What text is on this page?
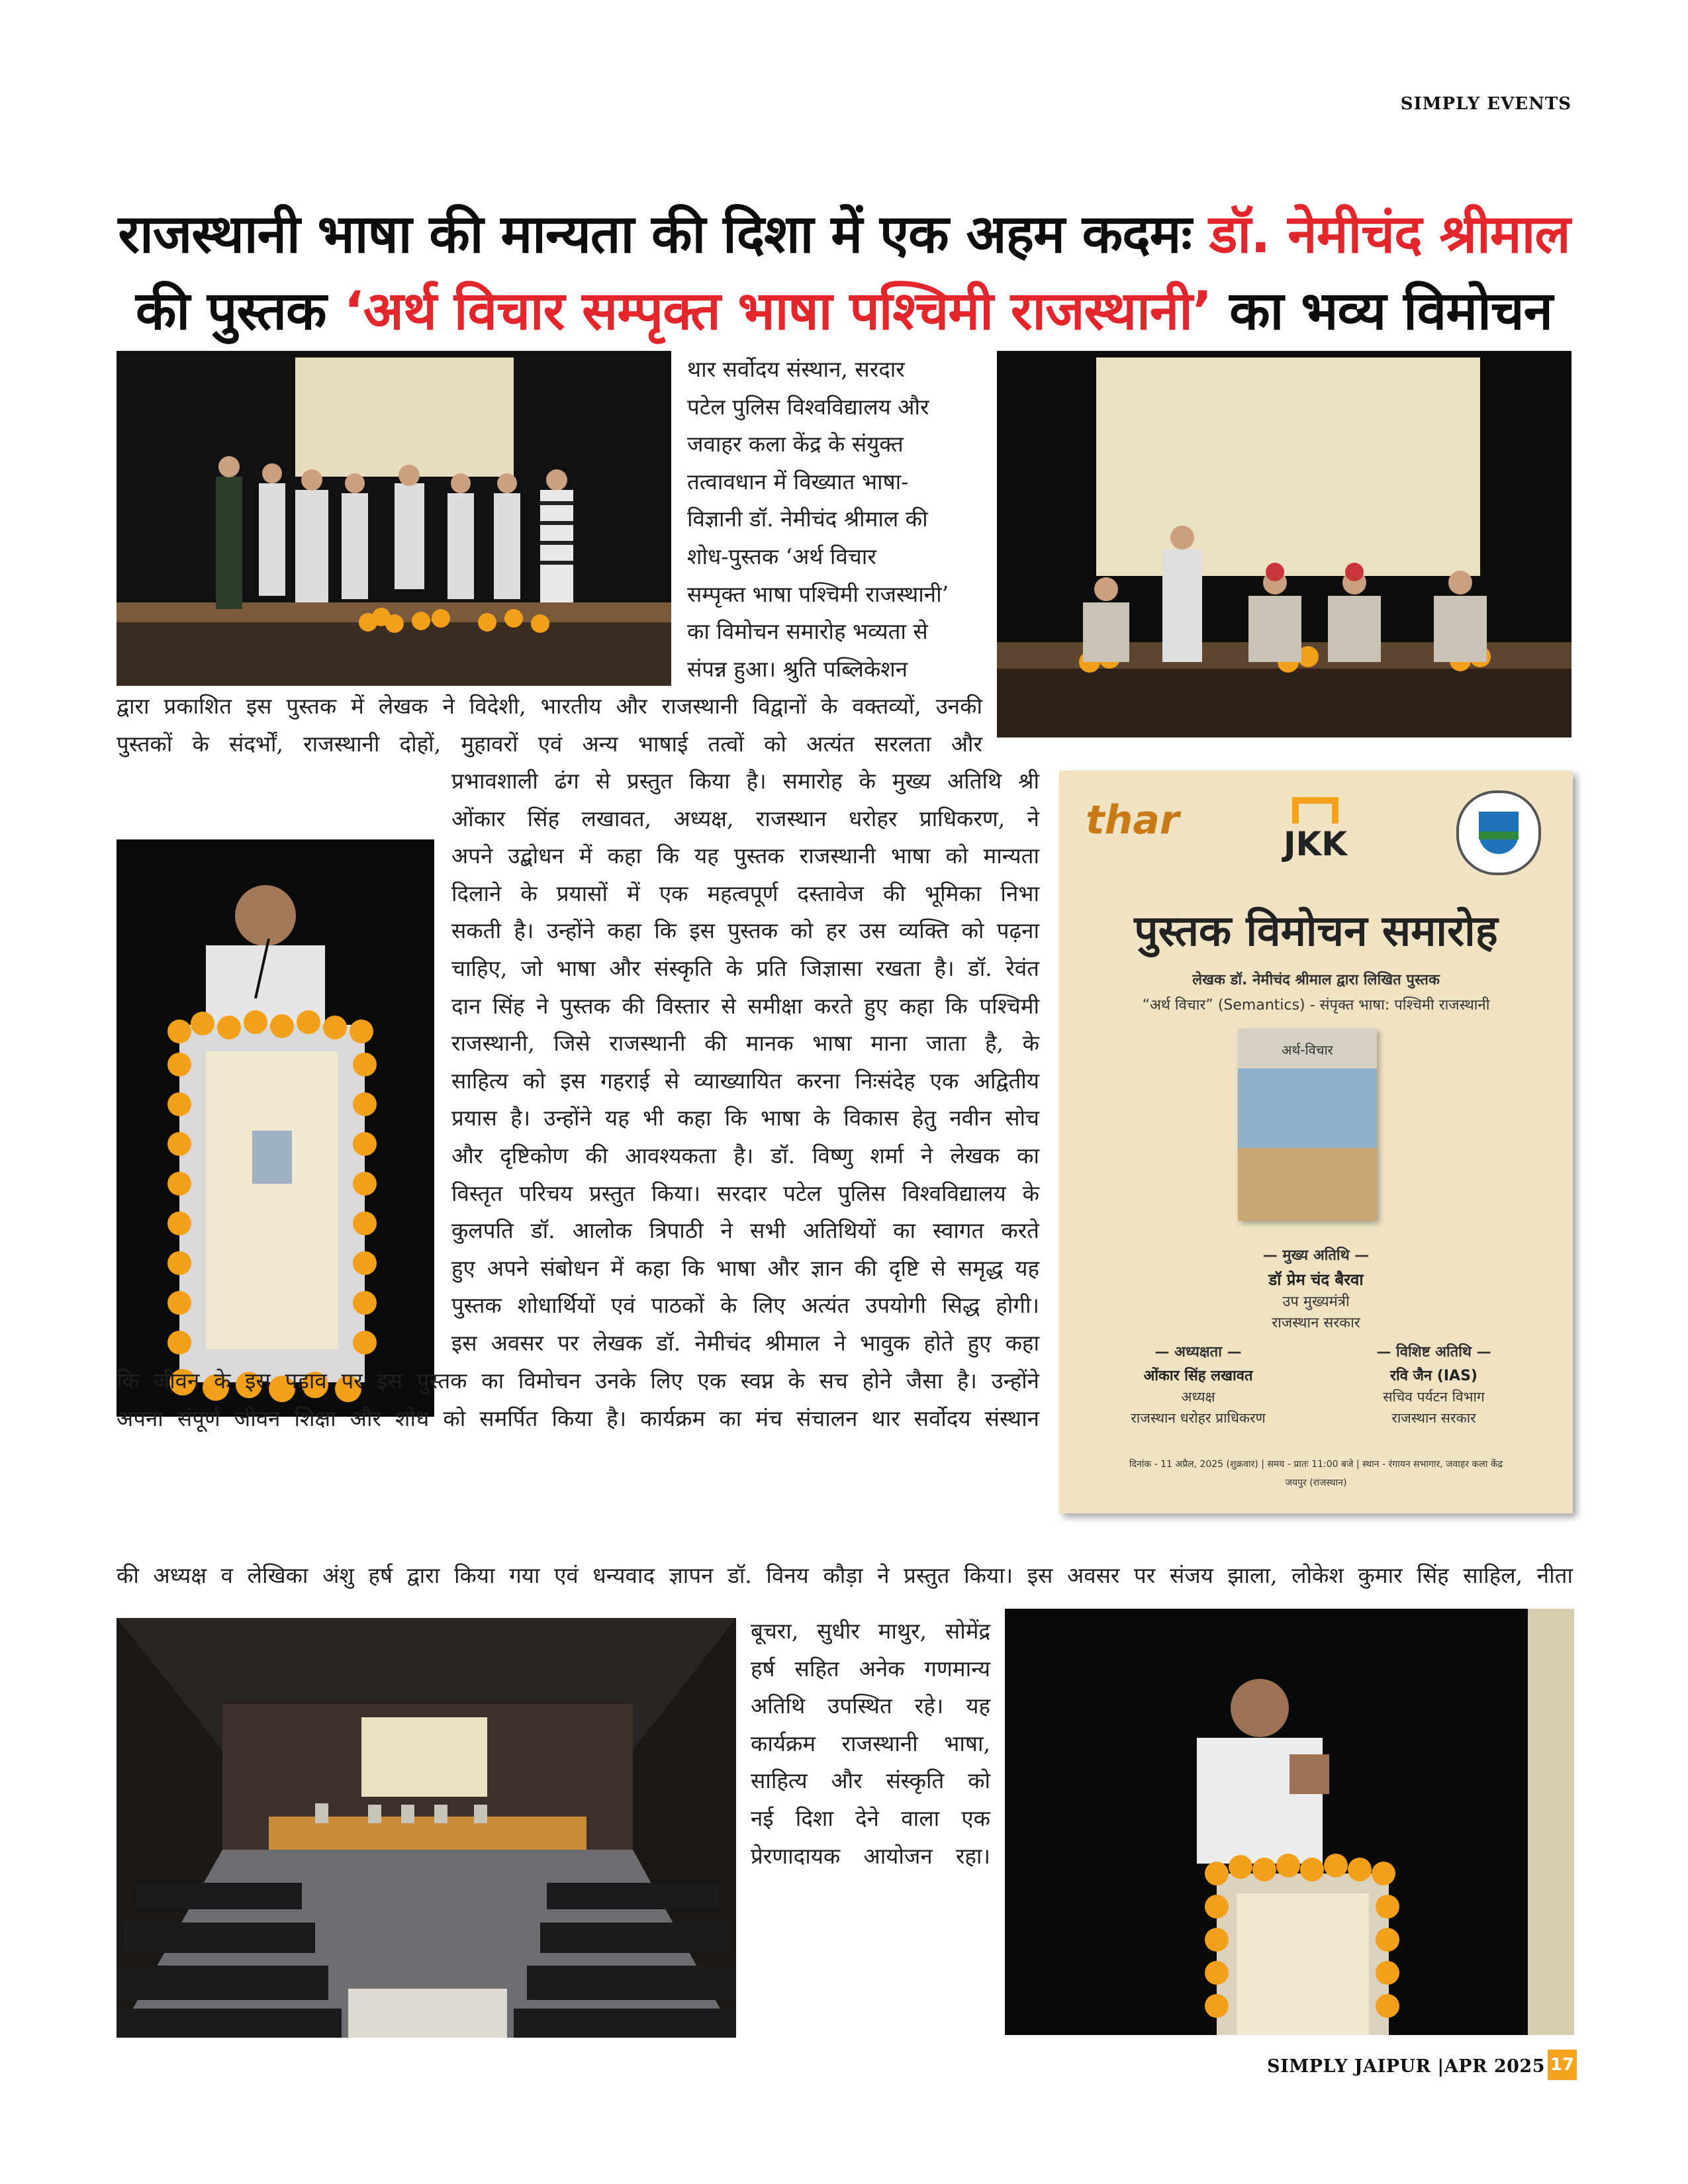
SIMPLY EVENTS
राजस्थानी भाषा की मान्यता की दिशा में एक अहम कदमः डॉ. नेमीचंद श्रीमाल
की पुस्तक ‘अर्थ विचार सम्पृक्त भाषा पश्चिमी राजस्थानी’ का भव्य विमोचन
thar
JKK
पुस्तक विमोचन समारोह
लेखक डॉ. नेमीचंद श्रीमाल द्वारा लिखित पुस्तक
“अर्थ विचार” (Semantics) - संपृक्त भाषा: पश्चिमी राजस्थानी
अर्थ-विचार
— मुख्य अतिथि —
डॉ प्रेम चंद बैरवा
उप मुख्यमंत्री
राजस्थान सरकार
— अध्यक्षता —
ओंकार सिंह लखावत
अध्यक्ष
राजस्थान धरोहर प्राधिकरण
— विशिष्ट अतिथि —
रवि जैन (IAS)
सचिव पर्यटन विभाग
राजस्थान सरकार
दिनांक - 11 अप्रैल, 2025 (शुक्रवार) | समय - प्रातः 11:00 बजे | स्थान - रंगायन सभागार, जवाहर कला केंद्र
जयपुर (राजस्थान)

थार सर्वोदय संस्थान, सरदार

पटेल पुलिस विश्वविद्यालय और

जवाहर कला केंद्र के संयुक्त

तत्वावधान में विख्यात भाषा-

विज्ञानी डॉ. नेमीचंद श्रीमाल की

शोध-पुस्तक ‘अर्थ विचार

सम्पृक्त भाषा पश्चिमी राजस्थानी’

का विमोचन समारोह भव्यता से

संपन्न हुआ। श्रुति पब्लिकेशन

द्वारा प्रकाशित इस पुस्तक में लेखक ने विदेशी, भारतीय और राजस्थानी विद्वानों के वक्तव्यों, उनकी

पुस्तकों के संदर्भों, राजस्थानी दोहों, मुहावरों एवं अन्य भाषाई तत्वों को अत्यंत सरलता और

प्रभावशाली ढंग से प्रस्तुत किया है। समारोह के मुख्य अतिथि श्री

ओंकार सिंह लखावत, अध्यक्ष, राजस्थान धरोहर प्राधिकरण, ने

अपने उद्बोधन में कहा कि यह पुस्तक राजस्थानी भाषा को मान्यता

दिलाने के प्रयासों में एक महत्वपूर्ण दस्तावेज की भूमिका निभा

सकती है। उन्होंने कहा कि इस पुस्तक को हर उस व्यक्ति को पढ़ना

चाहिए, जो भाषा और संस्कृति के प्रति जिज्ञासा रखता है। डॉ. रेवंत

दान सिंह ने पुस्तक की विस्तार से समीक्षा करते हुए कहा कि पश्चिमी

राजस्थानी, जिसे राजस्थानी की मानक भाषा माना जाता है, के

साहित्य को इस गहराई से व्याख्यायित करना निःसंदेह एक अद्वितीय

प्रयास है। उन्होंने यह भी कहा कि भाषा के विकास हेतु नवीन सोच

और दृष्टिकोण की आवश्यकता है। डॉ. विष्णु शर्मा ने लेखक का

विस्तृत परिचय प्रस्तुत किया। सरदार पटेल पुलिस विश्वविद्यालय के

कुलपति डॉ. आलोक त्रिपाठी ने सभी अतिथियों का स्वागत करते

हुए अपने संबोधन में कहा कि भाषा और ज्ञान की दृष्टि से समृद्ध यह

पुस्तक शोधार्थियों एवं पाठकों के लिए अत्यंत उपयोगी सिद्ध होगी।

इस अवसर पर लेखक डॉ. नेमीचंद श्रीमाल ने भावुक होते हुए कहा

कि जीवन के इस पड़ाव पर इस पुस्तक का विमोचन उनके लिए एक स्वप्न के सच होने जैसा है। उन्होंने

अपना संपूर्ण जीवन शिक्षा और शोध को समर्पित किया है। कार्यक्रम का मंच संचालन थार सर्वोदय संस्थान

की अध्यक्ष व लेखिका अंशु हर्ष द्वारा किया गया एवं धन्यवाद ज्ञापन डॉ. विनय कौड़ा ने प्रस्तुत किया। इस अवसर पर संजय झाला, लोकेश कुमार सिंह साहिल, नीता

बूचरा, सुधीर माथुर, सोमेंद्र

हर्ष सहित अनेक गणमान्य

अतिथि उपस्थित रहे। यह

कार्यक्रम राजस्थानी भाषा,

साहित्य और संस्कृति को

नई दिशा देने वाला एक

प्रेरणादायक आयोजन रहा।

SIMPLY JAIPUR |APR 2025 17
